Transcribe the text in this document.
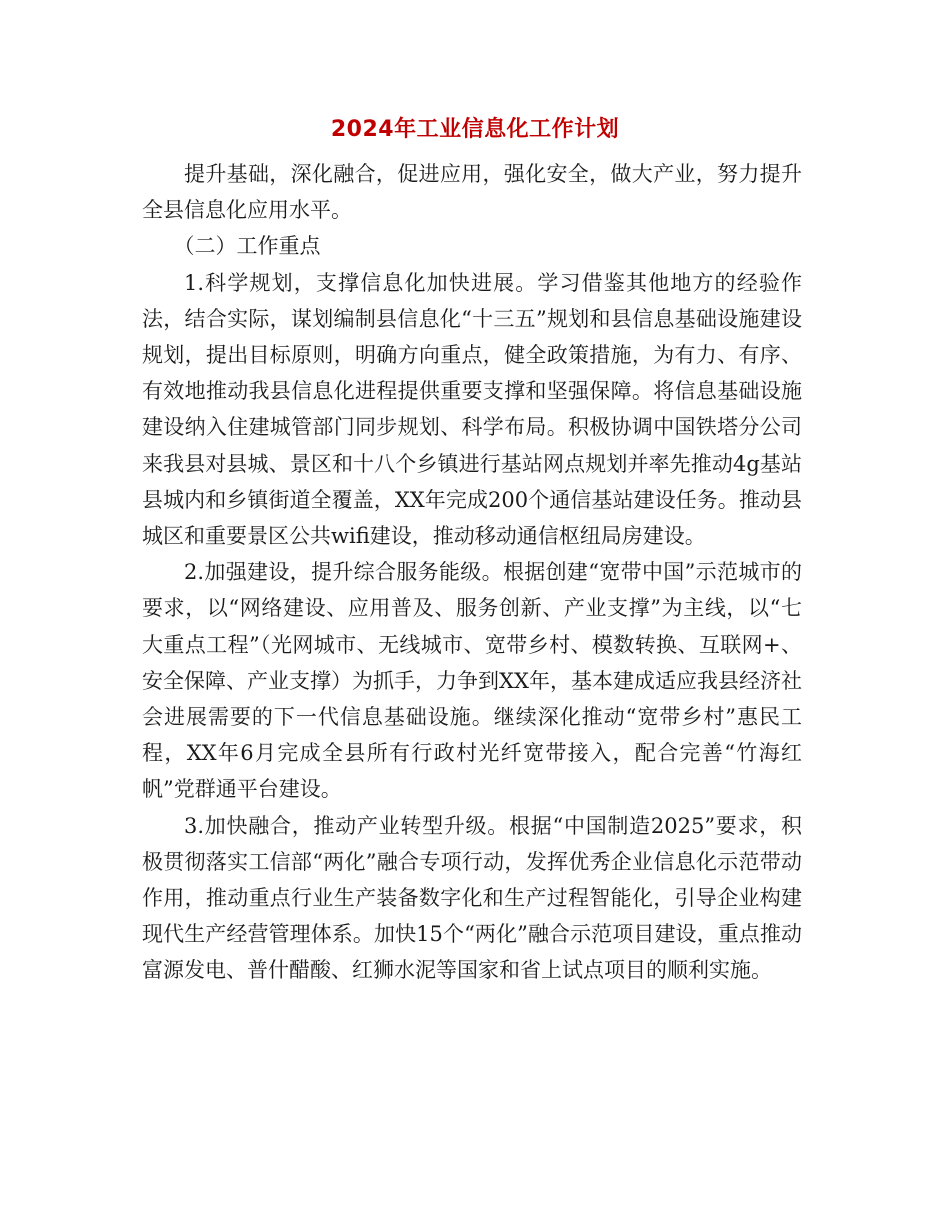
2024年工业信息化工作计划

提升基础，深化融合，促进应用，强化安全，做大产业，努力提升全县信息化应用水平。

（二）工作重点

1.科学规划，支撑信息化加快进展。学习借鉴其他地方的经验作法，结合实际，谋划编制县信息化“十三五”规划和县信息基础设施建设规划，提出目标原则，明确方向重点，健全政策措施，为有力、有序、有效地推动我县信息化进程提供重要支撑和坚强保障。将信息基础设施建设纳入住建城管部门同步规划、科学布局。积极协调中国铁塔分公司来我县对县城、景区和十八个乡镇进行基站网点规划并率先推动4g基站县城内和乡镇街道全覆盖，XX年完成200个通信基站建设任务。推动县城区和重要景区公共wifi建设，推动移动通信枢纽局房建设。

2.加强建设，提升综合服务能级。根据创建“宽带中国”示范城市的要求，以“网络建设、应用普及、服务创新、产业支撑”为主线，以“七大重点工程”（光网城市、无线城市、宽带乡村、模数转换、互联网+、安全保障、产业支撑）为抓手，力争到XX年，基本建成适应我县经济社会进展需要的下一代信息基础设施。继续深化推动“宽带乡村”惠民工程，XX年6月完成全县所有行政村光纤宽带接入，配合完善“竹海红帆”党群通平台建设。

3.加快融合，推动产业转型升级。根据“中国制造2025”要求，积极贯彻落实工信部“两化”融合专项行动，发挥优秀企业信息化示范带动作用，推动重点行业生产装备数字化和生产过程智能化，引导企业构建现代生产经营管理体系。加快15个“两化”融合示范项目建设，重点推动富源发电、普什醋酸、红狮水泥等国家和省上试点项目的顺利实施。
